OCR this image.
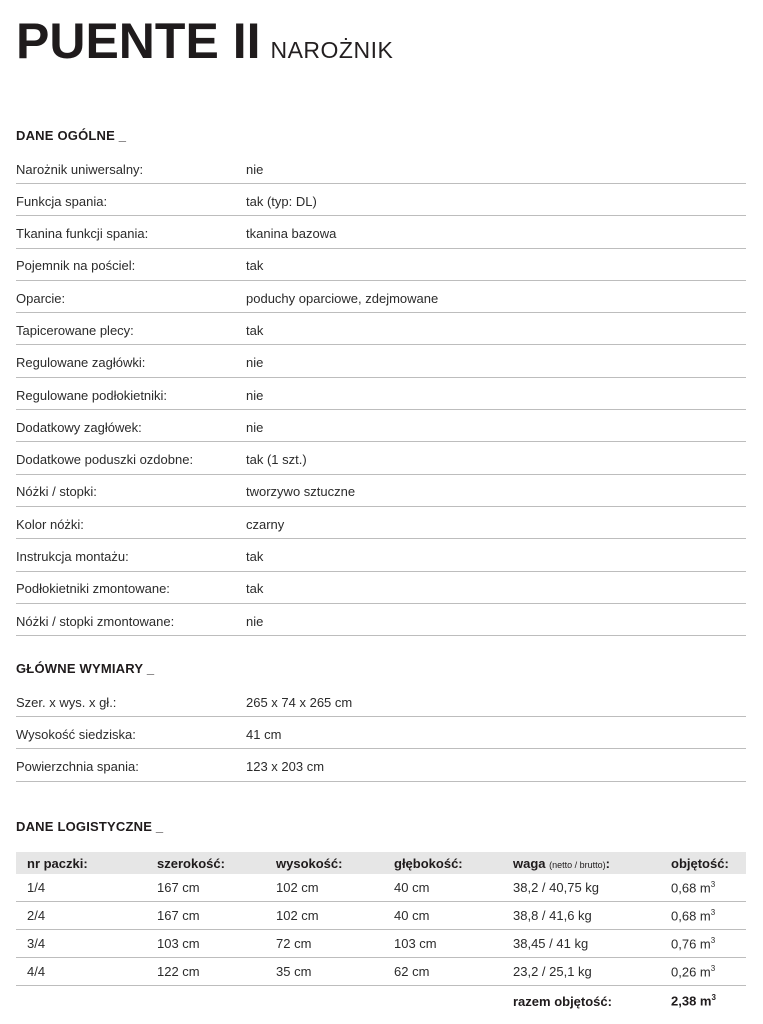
PUENTE II NAROŻNIK
DANE OGÓLNE _
Narożnik uniwersalny:	nie
Funkcja spania:	tak (typ: DL)
Tkanina funkcji spania:	tkanina bazowa
Pojemnik na pościel:	tak
Oparcie:	poduchy oparciowe, zdejmowane
Tapicerowane plecy:	tak
Regulowane zagłówki:	nie
Regulowane podłokietniki:	nie
Dodatkowy zagłówek:	nie
Dodatkowe poduszki ozdobne:	tak (1 szt.)
Nóżki / stopki:	tworzywo sztuczne
Kolor nóżki:	czarny
Instrukcja montażu:	tak
Podłokietniki zmontowane:	tak
Nóżki / stopki zmontowane:	nie
GŁÓWNE WYMIARY _
Szer. x wys. x gł.:	265 x 74 x 265 cm
Wysokość siedziska:	41 cm
Powierzchnia spania:	123 x 203 cm
DANE LOGISTYCZNE _
nr paczki:	szerokość:	wysokość:	głębokość:	waga (netto / brutto):	objętość:
1/4	167 cm	102 cm	40 cm	38,2 / 40,75 kg	0,68 $m^3$
2/4	167 cm	102 cm	40 cm	38,8 / 41,6 kg	0,68 $m^3$
3/4	103 cm	72 cm	103 cm	38,45 / 41 kg	0,76 $m^3$
4/4	122 cm	35 cm	62 cm	23,2 / 25,1 kg	0,26 $m^3$
				razem objętość:	2,38 $m^3$
